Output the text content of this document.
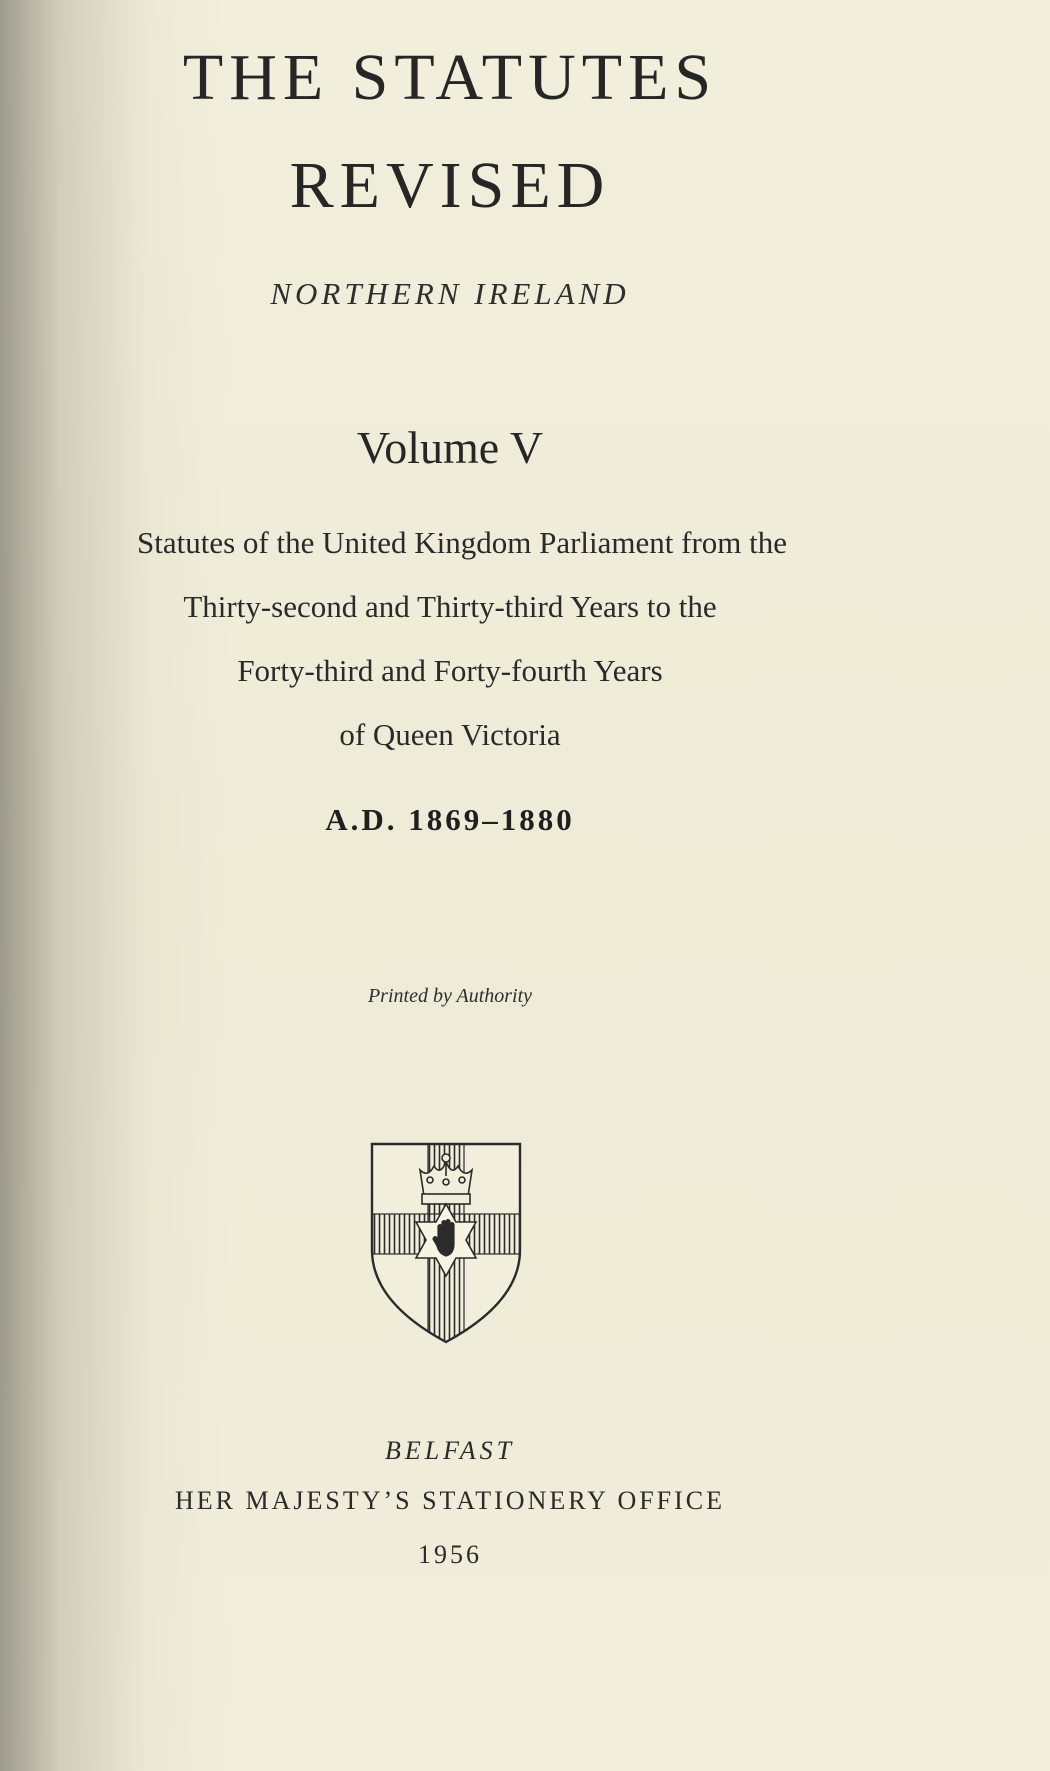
THE STATUTES
REVISED
NORTHERN IRELAND
Volume V
Statutes of the United Kingdom Parliament from the
Thirty-second and Thirty-third Years to the
Forty-third and Forty-fourth Years
of Queen Victoria
A.D. 1869–1880
Printed by Authority
BELFAST
HER MAJESTY’S STATIONERY OFFICE
1956
